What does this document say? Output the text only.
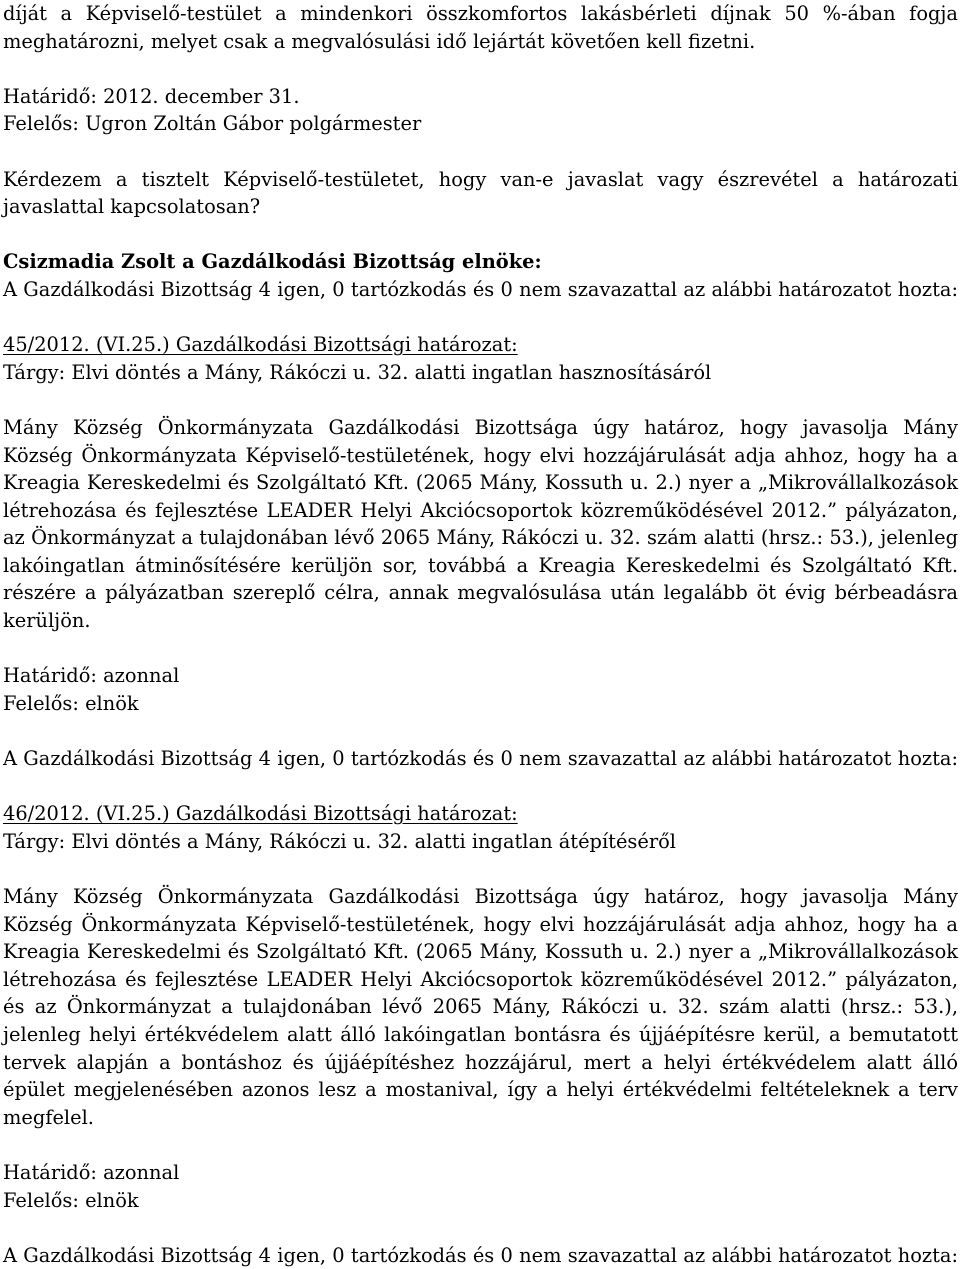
díját a Képviselő-testület a mindenkori összkomfortos lakásbérleti díjnak 50 %-ában fogja
meghatározni, melyet csak a megvalósulási idő lejártát követően kell fizetni.

Határidő: 2012. december 31.
Felelős: Ugron Zoltán Gábor polgármester

Kérdezem a tisztelt Képviselő-testületet, hogy van-e javaslat vagy észrevétel a határozati
javaslattal kapcsolatosan?

Csizmadia Zsolt a Gazdálkodási Bizottság elnöke:
A Gazdálkodási Bizottság 4 igen, 0 tartózkodás és 0 nem szavazattal az alábbi határozatot hozta:
45/2012. (VI.25.) Gazdálkodási Bizottsági határozat:
Tárgy: Elvi döntés a Mány, Rákóczi u. 32. alatti ingatlan hasznosításáról

Mány Község Önkormányzata Gazdálkodási Bizottsága úgy határoz, hogy javasolja Mány
Község Önkormányzata Képviselő-testületének, hogy elvi hozzájárulását adja ahhoz, hogy ha a
Kreagia Kereskedelmi és Szolgáltató Kft. (2065 Mány, Kossuth u. 2.) nyer a „Mikrovállalkozások
létrehozása és fejlesztése LEADER Helyi Akciócsoportok közreműködésével 2012.” pályázaton,
az Önkormányzat a tulajdonában lévő 2065 Mány, Rákóczi u. 32. szám alatti (hrsz.: 53.), jelenleg
lakóingatlan átminősítésére kerüljön sor, továbbá a Kreagia Kereskedelmi és Szolgáltató Kft.
részére a pályázatban szereplő célra, annak megvalósulása után legalább öt évig bérbeadásra
kerüljön.

Határidő: azonnal
Felelős: elnök
A Gazdálkodási Bizottság 4 igen, 0 tartózkodás és 0 nem szavazattal az alábbi határozatot hozta:
46/2012. (VI.25.) Gazdálkodási Bizottsági határozat:
Tárgy: Elvi döntés a Mány, Rákóczi u. 32. alatti ingatlan átépítéséről

Mány Község Önkormányzata Gazdálkodási Bizottsága úgy határoz, hogy javasolja Mány
Község Önkormányzata Képviselő-testületének, hogy elvi hozzájárulását adja ahhoz, hogy ha a
Kreagia Kereskedelmi és Szolgáltató Kft. (2065 Mány, Kossuth u. 2.) nyer a „Mikrovállalkozások
létrehozása és fejlesztése LEADER Helyi Akciócsoportok közreműködésével 2012.” pályázaton,
és az Önkormányzat a tulajdonában lévő 2065 Mány, Rákóczi u. 32. szám alatti (hrsz.: 53.),
jelenleg helyi értékvédelem alatt álló lakóingatlan bontásra és újjáépítésre kerül, a bemutatott
tervek alapján a bontáshoz és újjáépítéshez hozzájárul, mert a helyi értékvédelem alatt álló
épület megjelenésében azonos lesz a mostanival, így a helyi értékvédelmi feltételeknek a terv
megfelel.

Határidő: azonnal
Felelős: elnök
A Gazdálkodási Bizottság 4 igen, 0 tartózkodás és 0 nem szavazattal az alábbi határozatot hozta:
